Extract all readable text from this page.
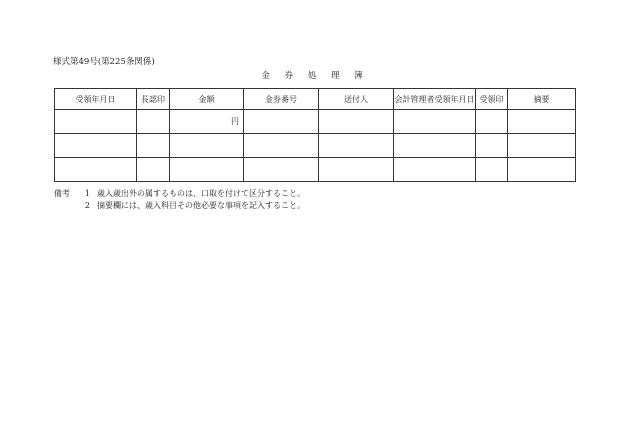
様式第49号(第225条関係)
金 券 処 理 簿
受領年月日	長認印	金額	金券番号	送付人	会計管理者受領年月日	受領印	摘要
		円					

備考	1 歳入歳出外の属するものは、口取を付けて区分すること。
2 摘要欄には、歳入科目その他必要な事項を記入すること。
